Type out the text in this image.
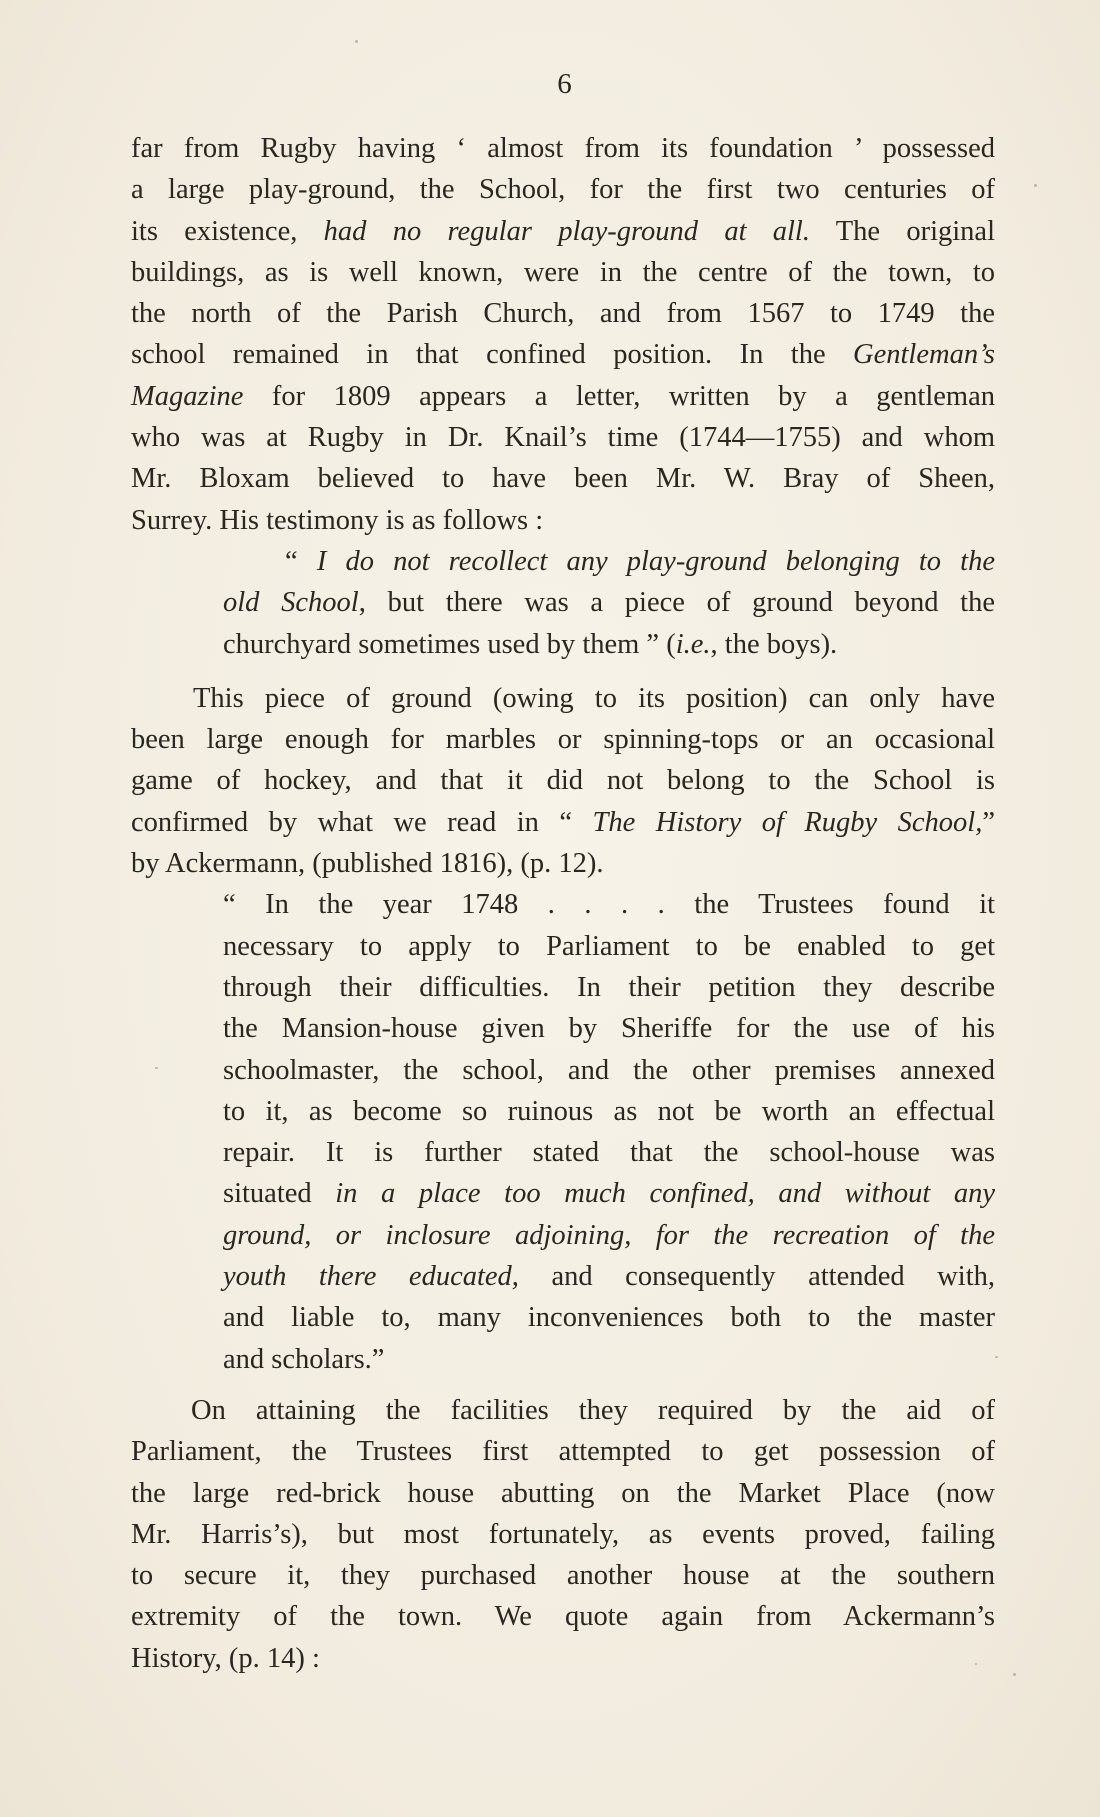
6
far from Rugby having ‘ almost from its foundation ’ possessed
a large play-ground, the School, for the first two centuries of
its existence, had no regular play-ground at all. The original
buildings, as is well known, were in the centre of the town, to
the north of the Parish Church, and from 1567 to 1749 the
school remained in that confined position. In the Gentleman’s
Magazine for 1809 appears a letter, written by a gentleman
who was at Rugby in Dr. Knail’s time (1744—1755) and whom
Mr. Bloxam believed to have been Mr. W. Bray of Sheen,
Surrey. His testimony is as follows :
“ I do not recollect any play-ground belonging to the
old School, but there was a piece of ground beyond the
churchyard sometimes used by them ” (i.e., the boys).
This piece of ground (owing to its position) can only have
been large enough for marbles or spinning-tops or an occasional
game of hockey, and that it did not belong to the School is
confirmed by what we read in “ The History of Rugby School,”
by Ackermann, (published 1816), (p. 12).
“ In the year 1748 . . . . the Trustees found it
necessary to apply to Parliament to be enabled to get
through their difficulties. In their petition they describe
the Mansion-house given by Sheriffe for the use of his
schoolmaster, the school, and the other premises annexed
to it, as become so ruinous as not be worth an effectual
repair. It is further stated that the school-house was
situated in a place too much confined, and without any
ground, or inclosure adjoining, for the recreation of the
youth there educated, and consequently attended with,
and liable to, many inconveniences both to the master
and scholars.”
On attaining the facilities they required by the aid of
Parliament, the Trustees first attempted to get possession of
the large red-brick house abutting on the Market Place (now
Mr. Harris’s), but most fortunately, as events proved, failing
to secure it, they purchased another house at the southern
extremity of the town. We quote again from Ackermann’s
History, (p. 14) :
